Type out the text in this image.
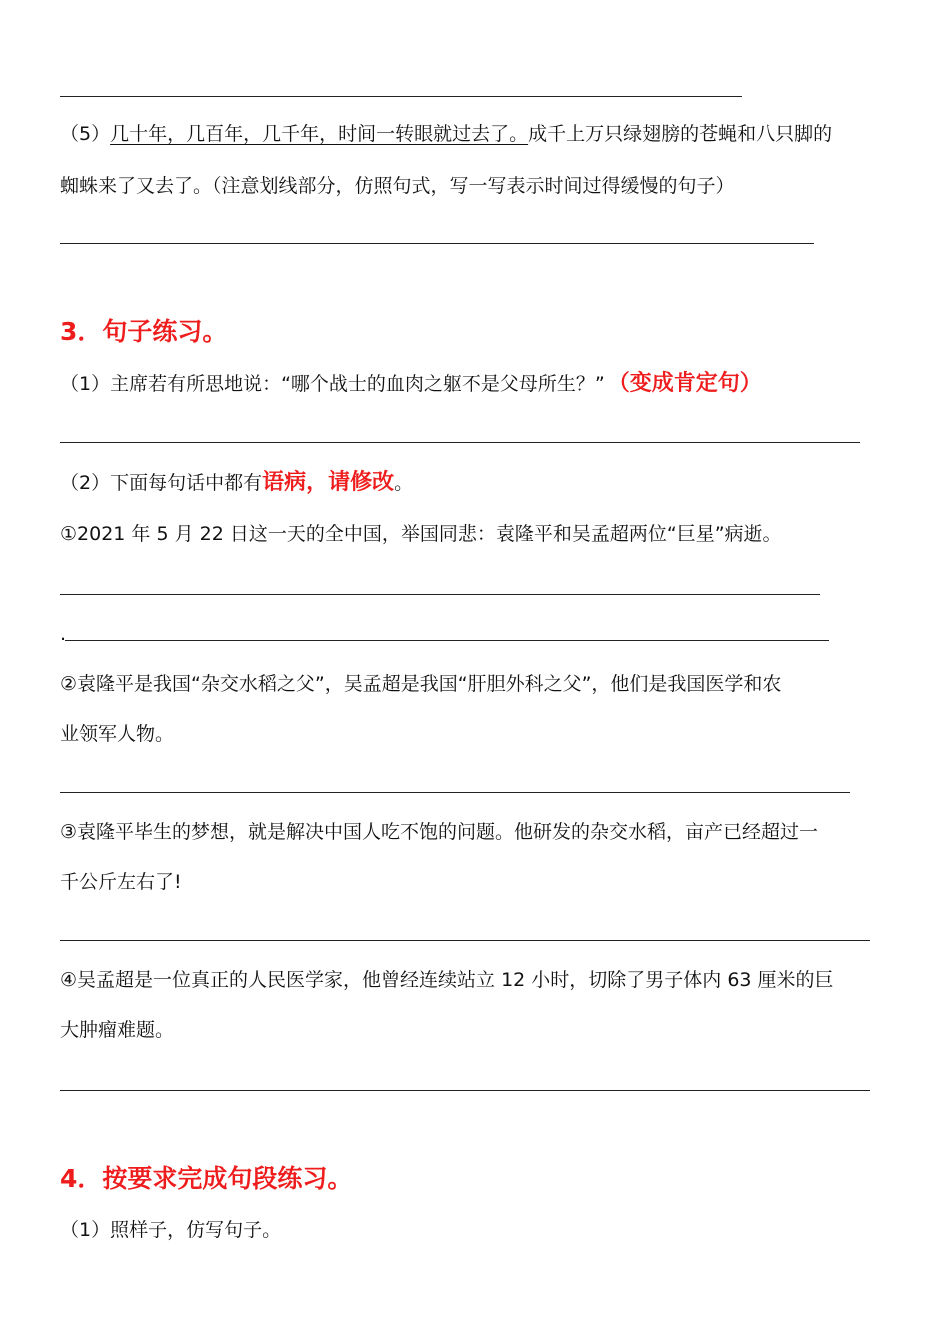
（5）几十年，几百年，几千年，时间一转眼就过去了。成千上万只绿翅膀的苍蝇和八只脚的
蜘蛛来了又去了。（注意划线部分，仿照句式，写一写表示时间过得缓慢的句子）
3．句子练习。
（1）主席若有所思地说：“哪个战士的血肉之躯不是父母所生？” （变成肯定句）
（2）下面每句话中都有语病，请修改。
①2021 年 5 月 22 日这一天的全中国，举国同悲：袁隆平和吴孟超两位“巨星”病逝。
.
②袁隆平是我国“杂交水稻之父”，吴孟超是我国“肝胆外科之父”，他们是我国医学和农
业领军人物。
③袁隆平毕生的梦想，就是解决中国人吃不饱的问题。他研发的杂交水稻，亩产已经超过一
千公斤左右了!
④吴孟超是一位真正的人民医学家，他曾经连续站立 12 小时，切除了男子体内 63 厘米的巨
大肿瘤难题。
4．按要求完成句段练习。
（1）照样子，仿写句子。
